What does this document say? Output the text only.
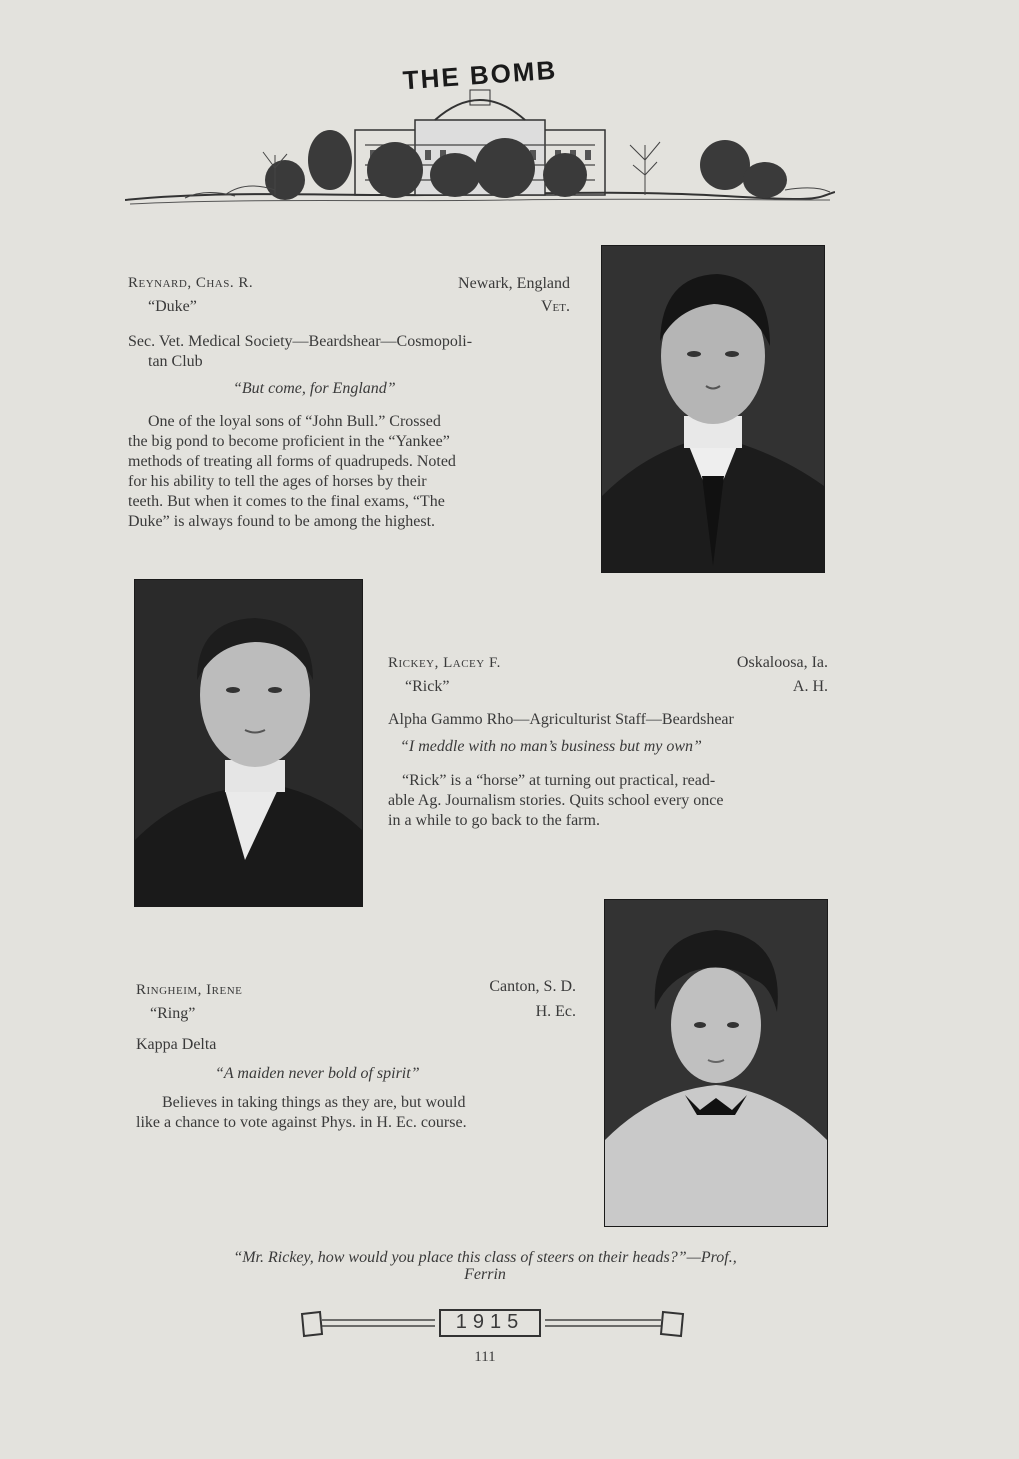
THE BOMB
Reynard, Chas. R.	Newark, England
“Duke”	Vet.
Sec. Vet. Medical Society—Beardshear—Cosmopoli-
tan Club
“But come, for England”
One of the loyal sons of “John Bull.” Crossed
the big pond to become proficient in the “Yankee”
methods of treating all forms of quadrupeds. Noted
for his ability to tell the ages of horses by their
teeth. But when it comes to the final exams, “The
Duke” is always found to be among the highest.
Rickey, Lacey F.	Oskaloosa, Ia.
“Rick”	A. H.
Alpha Gammo Rho—Agriculturist Staff—Beardshear
“I meddle with no man’s business but my own”
“Rick” is a “horse” at turning out practical, read-
able Ag. Journalism stories. Quits school every once
in a while to go back to the farm.
Ringheim, Irene	Canton, S. D.
“Ring”	H. Ec.
Kappa Delta
“A maiden never bold of spirit”
Believes in taking things as they are, but would
like a chance to vote against Phys. in H. Ec. course.
“Mr. Rickey, how would you place this class of steers on their heads?”—Prof.,
Ferrin
1915
111
